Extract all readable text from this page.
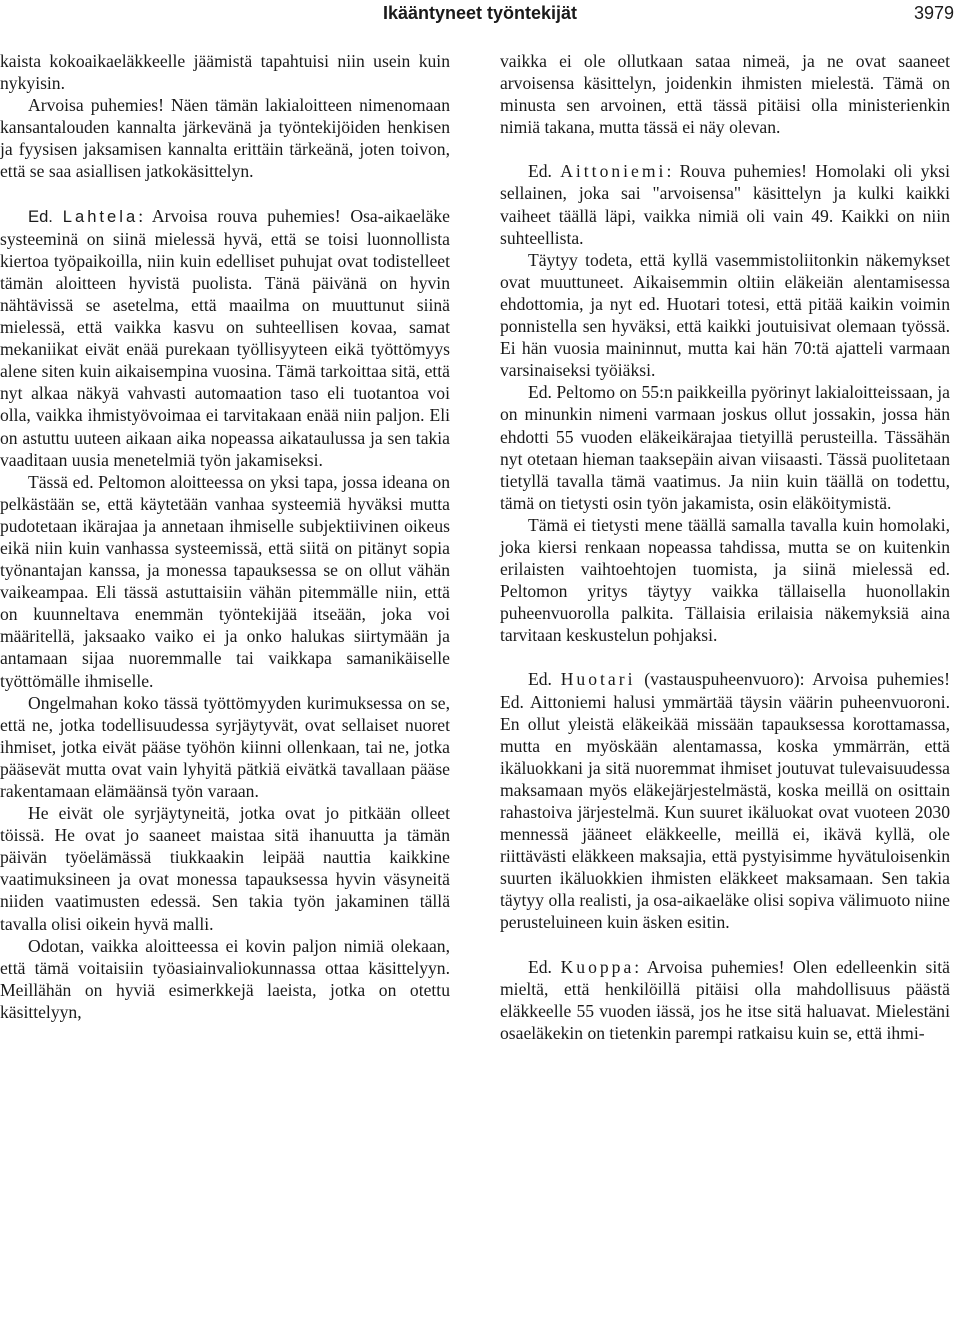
Ikääntyneet työntekijät	3979

kaista kokoaikaeläkkeelle jäämistä tapahtuisi niin usein kuin nykyisin.

Arvoisa puhemies! Näen tämän lakialoitteen nimenomaan kansantalouden kannalta järkevänä ja työntekijöiden henkisen ja fyysisen jaksamisen kannalta erittäin tärkeänä, joten toivon, että se saa asiallisen jatkokäsittelyn.

Ed. Lahtela: Arvoisa rouva puhemies! Osa-aikaeläke systeeminä on siinä mielessä hyvä, että se toisi luonnollista kiertoa työpaikoilla, niin kuin edelliset puhujat ovat todistelleet tämän aloitteen hyvistä puolista. Tänä päivänä on hyvin nähtävissä se asetelma, että maailma on muuttunut siinä mielessä, että vaikka kasvu on suhteellisen kovaa, samat mekaniikat eivät enää purekaan työllisyyteen eikä työttömyys alene siten kuin aikaisempina vuosina. Tämä tarkoittaa sitä, että nyt alkaa näkyä vahvasti automaation taso eli tuotantoa voi olla, vaikka ihmistyövoimaa ei tarvitakaan enää niin paljon. Eli on astuttu uuteen aikaan aika nopeassa aikataulussa ja sen takia vaaditaan uusia menetelmiä työn jakamiseksi.

Tässä ed. Peltomon aloitteessa on yksi tapa, jossa ideana on pelkästään se, että käytetään vanhaa systeemiä hyväksi mutta pudotetaan ikärajaa ja annetaan ihmiselle subjektiivinen oikeus eikä niin kuin vanhassa systeemissä, että siitä on pitänyt sopia työnantajan kanssa, ja monessa tapauksessa se on ollut vähän vaikeampaa. Eli tässä astuttaisiin vähän pitemmälle niin, että on kuunneltava enemmän työntekijää itseään, joka voi määritellä, jaksaako vaiko ei ja onko halukas siirtymään ja antamaan sijaa nuoremmalle tai vaikkapa samanikäiselle työttömälle ihmiselle.

Ongelmahan koko tässä työttömyyden kurimuksessa on se, että ne, jotka todellisuudessa syrjäytyvät, ovat sellaiset nuoret ihmiset, jotka eivät pääse työhön kiinni ollenkaan, tai ne, jotka pääsevät mutta ovat vain lyhyitä pätkiä eivätkä tavallaan pääse rakentamaan elämäänsä työn varaan.

He eivät ole syrjäytyneitä, jotka ovat jo pitkään olleet töissä. He ovat jo saaneet maistaa sitä ihanuutta ja tämän päivän työelämässä tiukkaakin leipää nauttia kaikkine vaatimuksineen ja ovat monessa tapauksessa hyvin väsyneitä niiden vaatimusten edessä. Sen takia työn jakaminen tällä tavalla olisi oikein hyvä malli.

Odotan, vaikka aloitteessa ei kovin paljon nimiä olekaan, että tämä voitaisiin työasiainvaliokunnassa ottaa käsittelyyn. Meillähän on hyviä esimerkkejä laeista, jotka on otettu käsittelyyn,

vaikka ei ole ollutkaan sataa nimeä, ja ne ovat saaneet arvoisensa käsittelyn, joidenkin ihmisten mielestä. Tämä on minusta sen arvoinen, että tässä pitäisi olla ministerienkin nimiä takana, mutta tässä ei näy olevan.

Ed. Aittoniemi: Rouva puhemies! Homolaki oli yksi sellainen, joka sai "arvoisensa" käsittelyn ja kulki kaikki vaiheet täällä läpi, vaikka nimiä oli vain 49. Kaikki on niin suhteellista.

Täytyy todeta, että kyllä vasemmistoliitonkin näkemykset ovat muuttuneet. Aikaisemmin oltiin eläkeiän alentamisessa ehdottomia, ja nyt ed. Huotari totesi, että pitää kaikin voimin ponnistella sen hyväksi, että kaikki joutuisivat olemaan työssä. Ei hän vuosia maininnut, mutta kai hän 70:tä ajatteli varmaan varsinaiseksi työiäksi.

Ed. Peltomo on 55:n paikkeilla pyörinyt lakialoitteissaan, ja on minunkin nimeni varmaan joskus ollut jossakin, jossa hän ehdotti 55 vuoden eläkeikärajaa tietyillä perusteilla. Tässähän nyt otetaan hieman taaksepäin aivan viisaasti. Tässä puolitetaan tietyllä tavalla tämä vaatimus. Ja niin kuin täällä on todettu, tämä on tietysti osin työn jakamista, osin eläköitymistä.

Tämä ei tietysti mene täällä samalla tavalla kuin homolaki, joka kiersi renkaan nopeassa tahdissa, mutta se on kuitenkin erilaisten vaihtoehtojen tuomista, ja siinä mielessä ed. Peltomon yritys täytyy vaikka tällaisella huonollakin puheenvuorolla palkita. Tällaisia erilaisia näkemyksiä aina tarvitaan keskustelun pohjaksi.

Ed. Huotari (vastauspuheenvuoro): Arvoisa puhemies! Ed. Aittoniemi halusi ymmärtää täysin väärin puheenvuoroni. En ollut yleistä eläkeikää missään tapauksessa korottamassa, mutta en myöskään alentamassa, koska ymmärrän, että ikäluokkani ja sitä nuoremmat ihmiset joutuvat tulevaisuudessa maksamaan myös eläkejärjestelmästä, koska meillä on osittain rahastoiva järjestelmä. Kun suuret ikäluokat ovat vuoteen 2030 mennessä jääneet eläkkeelle, meillä ei, ikävä kyllä, ole riittävästi eläkkeen maksajia, että pystyisimme hyvätuloisenkin suurten ikäluokkien ihmisten eläkkeet maksamaan. Sen takia täytyy olla realisti, ja osa-aikaeläke olisi sopiva välimuoto niine perusteluineen kuin äsken esitin.

Ed. Kuoppa: Arvoisa puhemies! Olen edelleenkin sitä mieltä, että henkilöillä pitäisi olla mahdollisuus päästä eläkkeelle 55 vuoden iässä, jos he itse sitä haluavat. Mielestäni osaeläkekin on tietenkin parempi ratkaisu kuin se, että ihmi-
